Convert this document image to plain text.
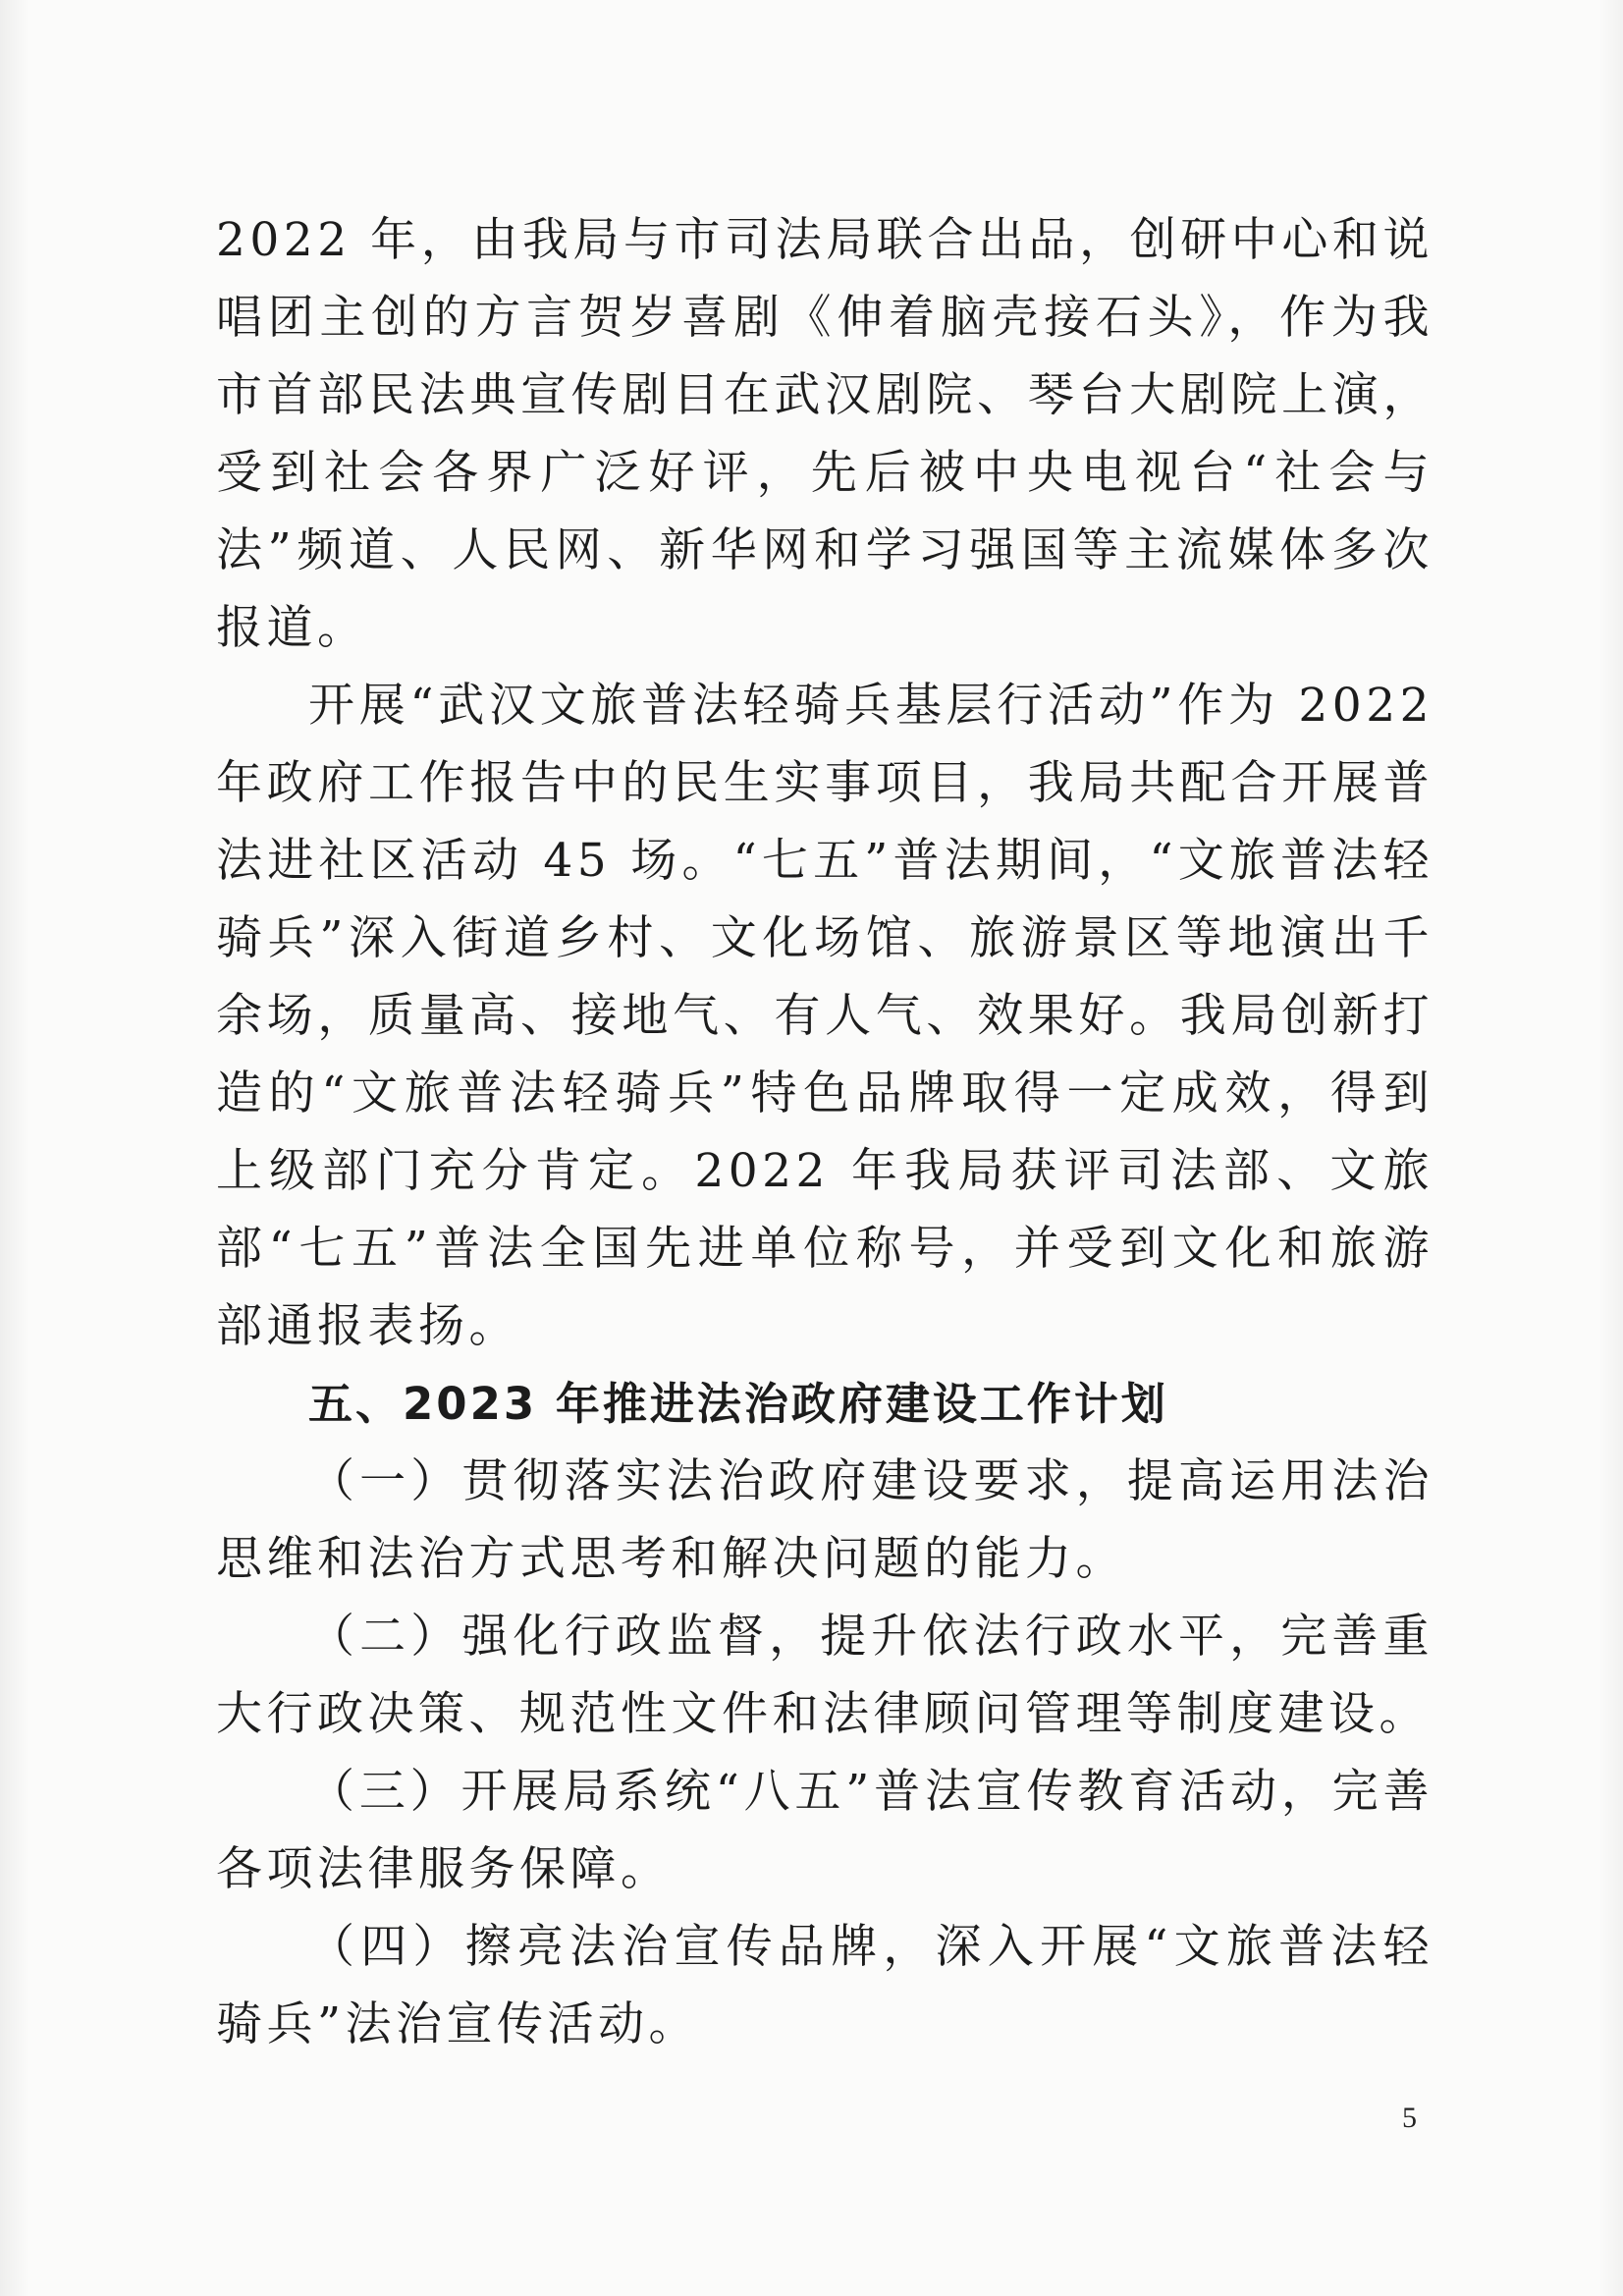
2022 年，由我局与市司法局联合出品，创研中心和说唱团主创的方言贺岁喜剧《伸着脑壳接石头》，作为我市首部民法典宣传剧目在武汉剧院、琴台大剧院上演，受到社会各界广泛好评，先后被中央电视台“社会与法”频道、人民网、新华网和学习强国等主流媒体多次报道。

开展“武汉文旅普法轻骑兵基层行活动”作为 2022 年政府工作报告中的民生实事项目，我局共配合开展普法进社区活动 45 场。“七五”普法期间，“文旅普法轻骑兵”深入街道乡村、文化场馆、旅游景区等地演出千余场，质量高、接地气、有人气、效果好。我局创新打造的“文旅普法轻骑兵”特色品牌取得一定成效，得到上级部门充分肯定。2022 年我局获评司法部、文旅部“七五”普法全国先进单位称号，并受到文化和旅游部通报表扬。

五、2023 年推进法治政府建设工作计划

（一）贯彻落实法治政府建设要求，提高运用法治思维和法治方式思考和解决问题的能力。

（二）强化行政监督，提升依法行政水平，完善重大行政决策、规范性文件和法律顾问管理等制度建设。

（三）开展局系统“八五”普法宣传教育活动，完善各项法律服务保障。

（四）擦亮法治宣传品牌，深入开展“文旅普法轻骑兵”法治宣传活动。

5
